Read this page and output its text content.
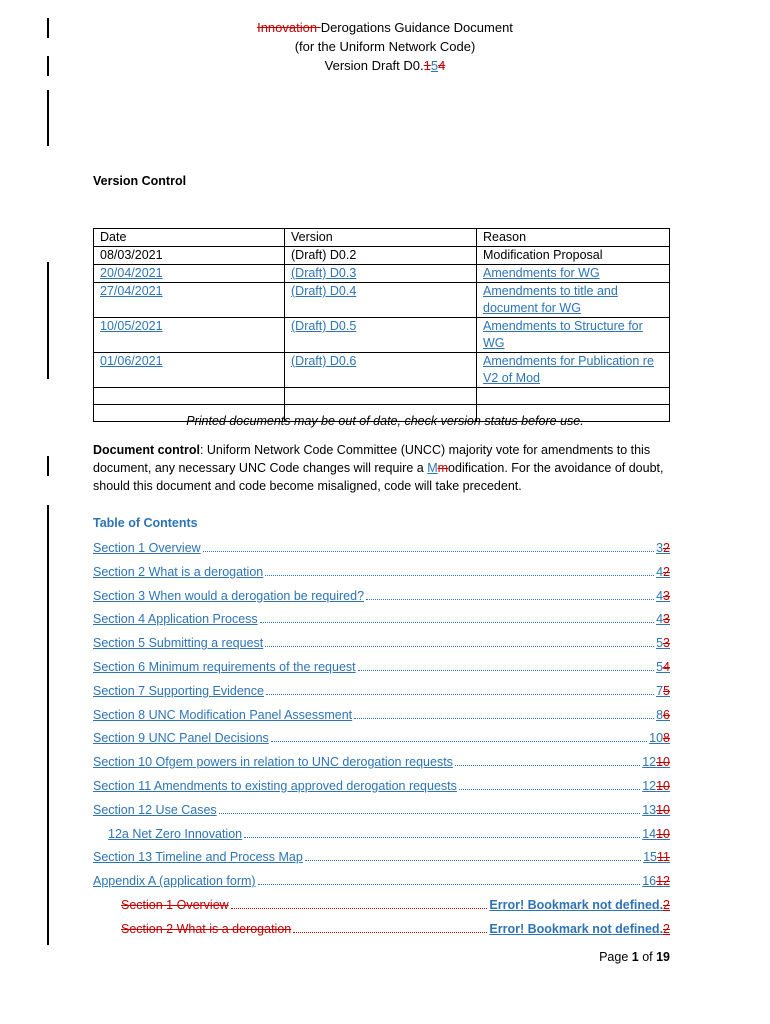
Innovation Derogations Guidance Document
(for the Uniform Network Code)
Version Draft D0.154
Version Control
Date	Version	Reason
08/03/2021	(Draft) D0.2	Modification Proposal
20/04/2021	(Draft) D0.3	Amendments for WG
27/04/2021	(Draft) D0.4	Amendments to title and document for WG
10/05/2021	(Draft) D0.5	Amendments to Structure for WG
01/06/2021	(Draft) D0.6	Amendments for Publication re V2 of Mod

Printed documents may be out of date, check version status before use.
Document control: Uniform Network Code Committee (UNCC) majority vote for amendments to this document, any necessary UNC Code changes will require a Mmodification. For the avoidance of doubt, should this document and code become misaligned, code will take precedent.
Table of Contents
Section 1 Overview	32
Section 2 What is a derogation	42
Section 3 When would a derogation be required?	43
Section 4 Application Process	43
Section 5 Submitting a request	53
Section 6 Minimum requirements of the request	54
Section 7 Supporting Evidence	75
Section 8 UNC Modification Panel Assessment	86
Section 9 UNC Panel Decisions	108
Section 10 Ofgem powers in relation to UNC derogation requests	1210
Section 11 Amendments to existing approved derogation requests	1210
Section 12 Use Cases	1310
12a Net Zero Innovation	1410
Section 13 Timeline and Process Map	1511
Appendix A (application form)	1612
Section 1 Overview	Error! Bookmark not defined.2
Section 2 What is a derogation	Error! Bookmark not defined.2
Page 1 of 19
